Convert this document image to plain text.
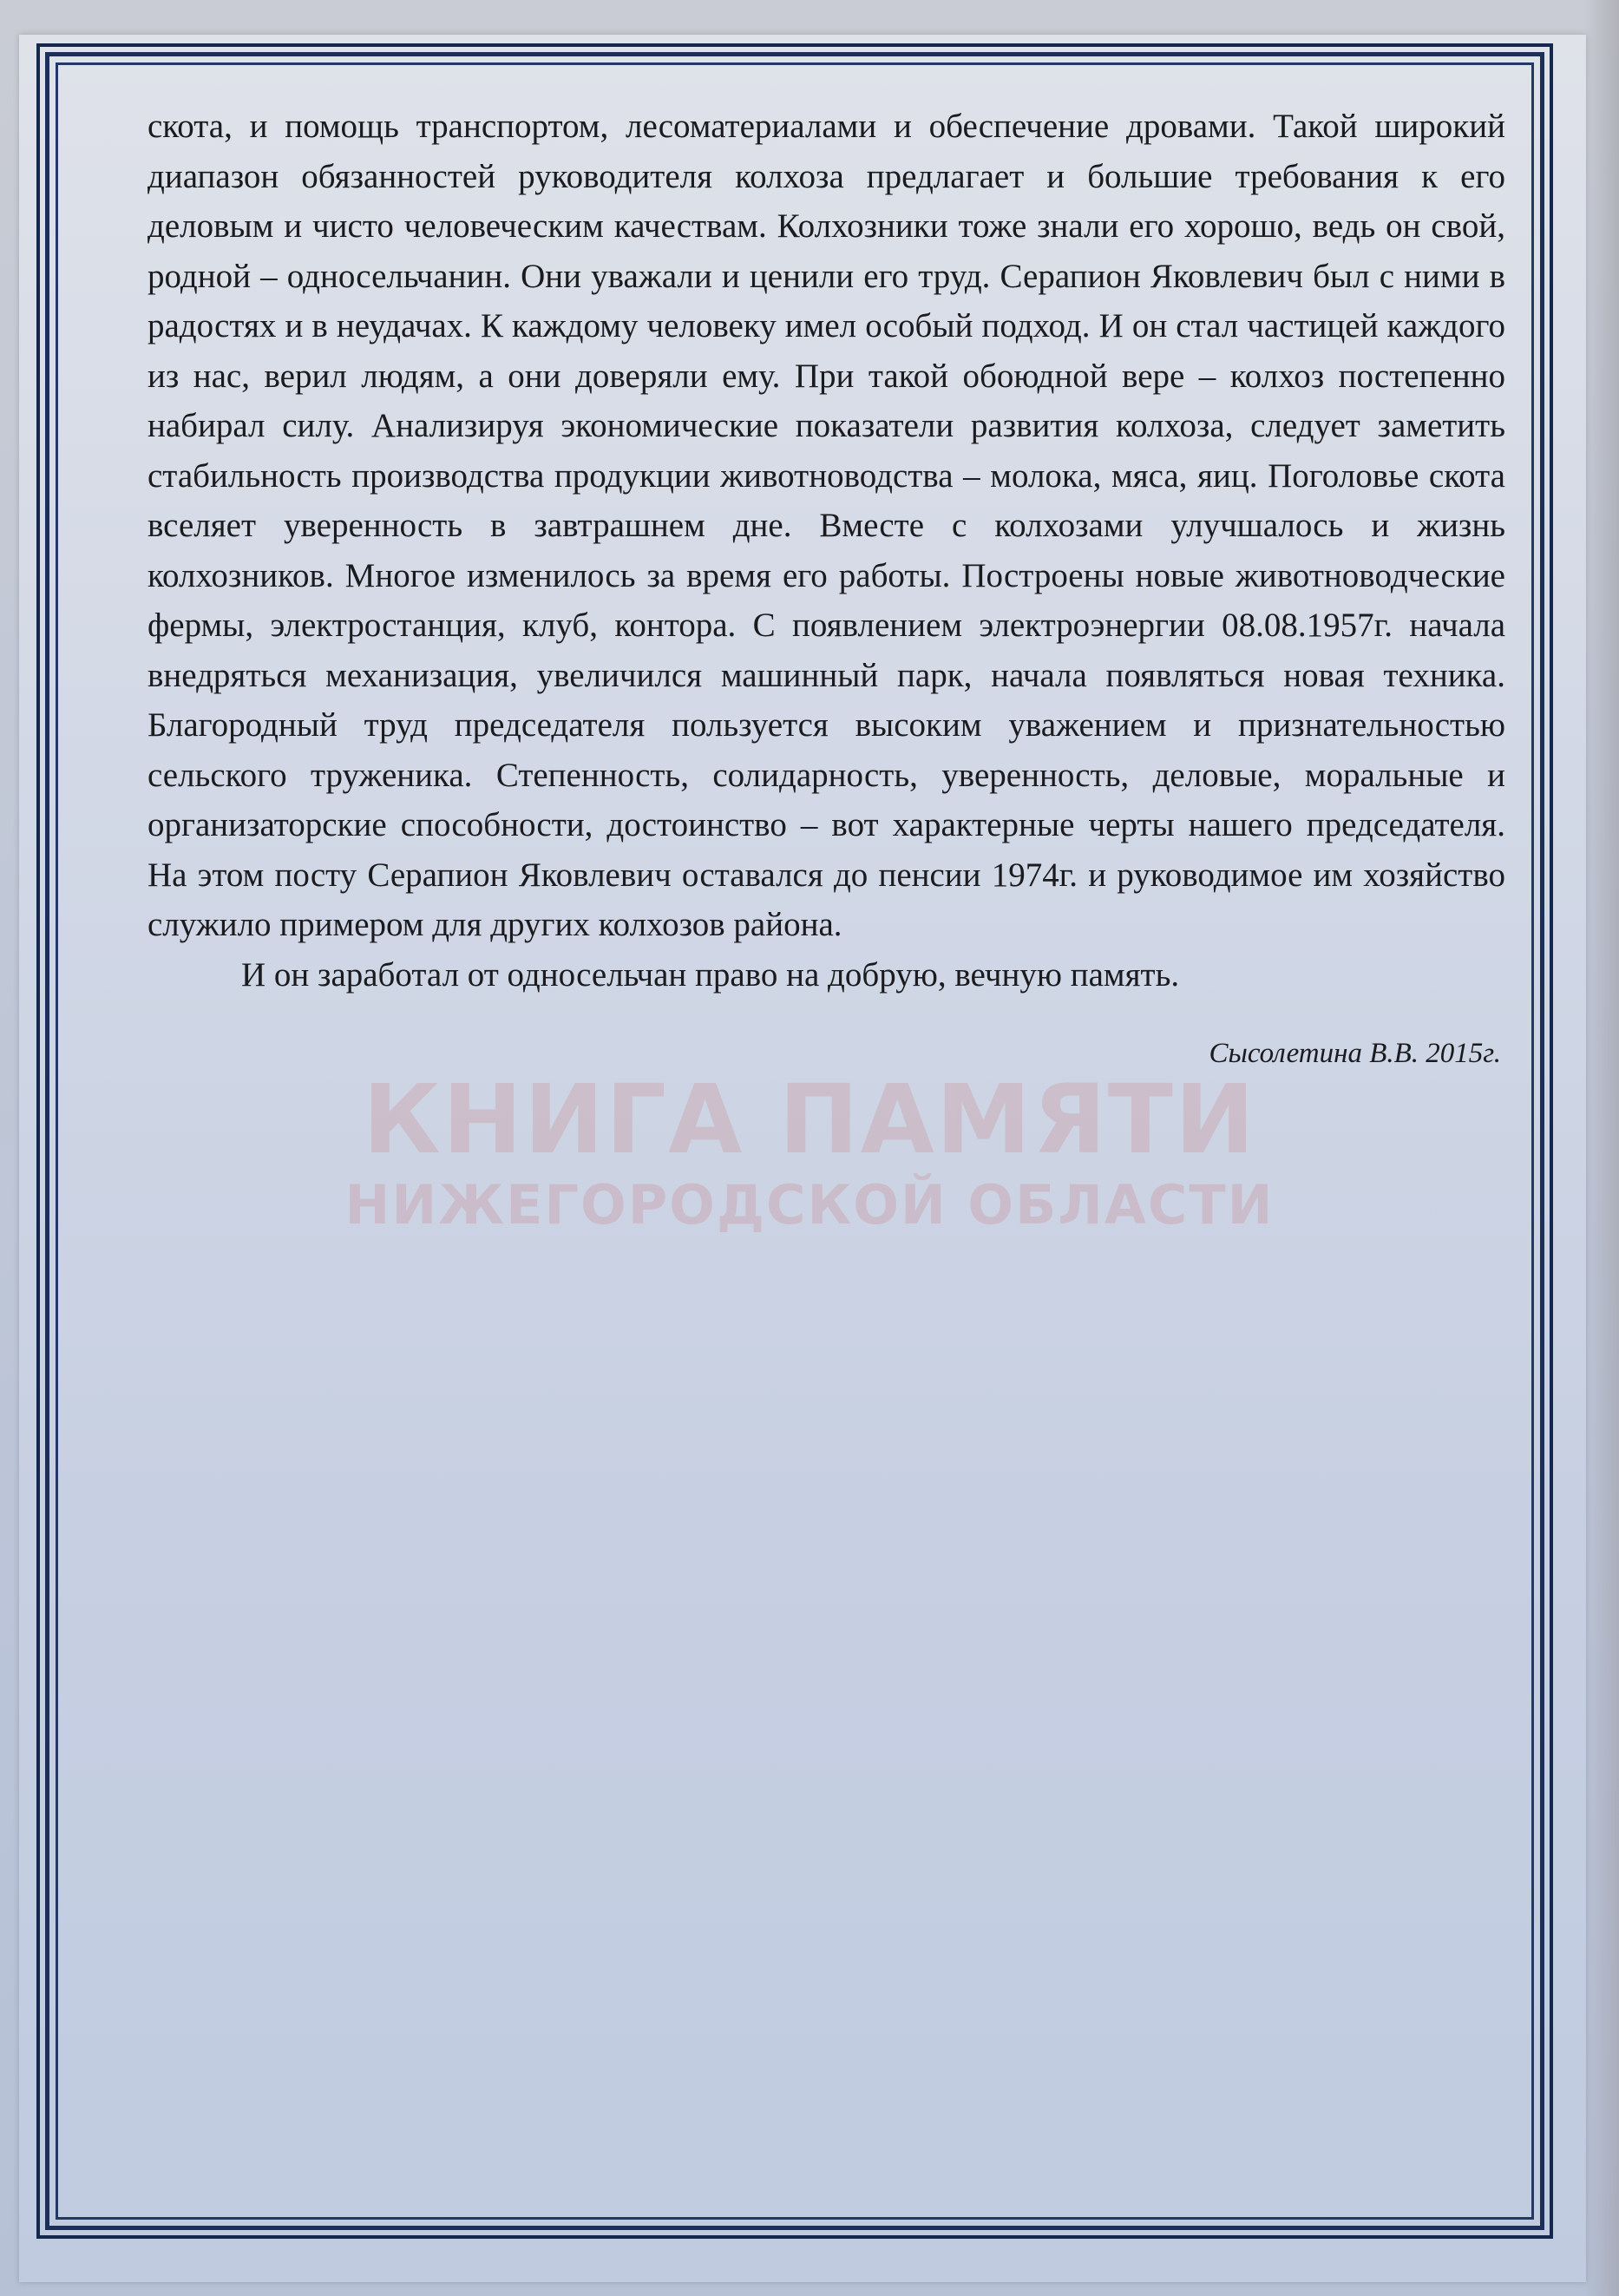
КНИГА ПАМЯТИ
НИЖЕГОРОДСКОЙ ОБЛАСТИ

скота, и помощь транспортом, лесоматериалами и обеспечение дровами. Такой широкий диапазон обязанностей руководителя колхоза предлагает и большие требования к его деловым и чисто человеческим качествам. Колхозники тоже знали его хорошо, ведь он свой, родной – односельчанин. Они уважали и ценили его труд. Серапион Яковлевич был с ними в радостях и в неудачах. К каждому человеку имел особый подход. И он стал частицей каждого из нас, верил людям, а они доверяли ему. При такой обоюдной вере – колхоз постепенно набирал силу. Анализируя экономические показатели развития колхоза, следует заметить стабильность производства продукции животноводства – молока, мяса, яиц. Поголовье скота вселяет уверенность в завтрашнем дне. Вместе с колхозами улучшалось и жизнь колхозников. Многое изменилось за время его работы. Построены новые животноводческие фермы, электростанция, клуб, контора. С появлением электроэнергии 08.08.1957г. начала внедряться механизация, увеличился машинный парк, начала появляться новая техника. Благородный труд председателя пользуется высоким уважением и признательностью сельского труженика. Степенность, солидарность, уверенность, деловые, моральные и организаторские способности, достоинство – вот характерные черты нашего председателя. На этом посту Серапион Яковлевич оставался до пенсии 1974г. и руководимое им хозяйство служило примером для других колхозов района.

И он заработал от односельчан право на добрую, вечную память.

Сысолетина В.В. 2015г.
